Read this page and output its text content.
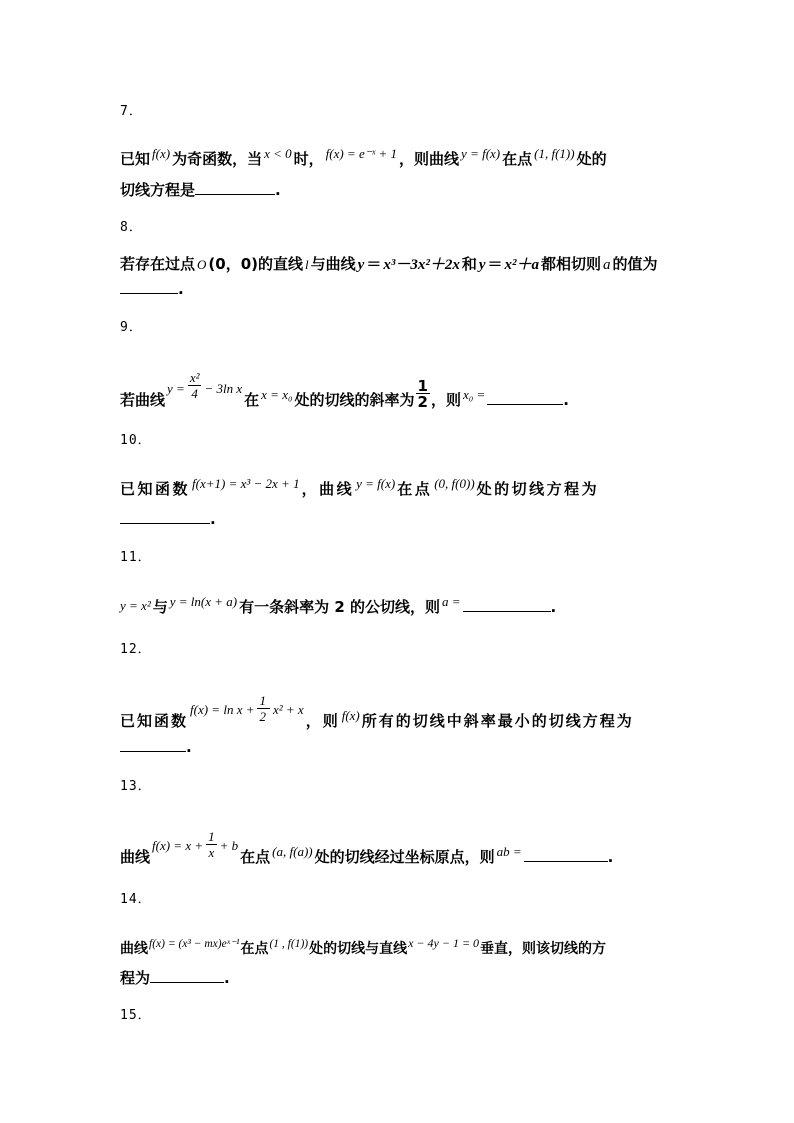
7．
已知 f(x) 为奇函数，当 x < 0 时， f(x) = e⁻ˣ + 1 ，则曲线 y = f(x) 在点 (1, f(1)) 处的
切线方程是	.
8．
若存在过点 O (0，0)的直线 l 与曲线 y ＝ x³－3x²＋2x 和 y ＝ x²＋a 都相切则 a 的值为
.
9．
若曲线$y = \frac{\text{x²}}{4} - 3\ln$ x在 x = x₀ 处的切线的斜率为 $\frac{1}{2}$ ，则 x₀ =	.
10．
已知函数 f(x+1) = x³ − 2x + 1 ，曲线 y = f(x) 在点 (0, f(0)) 处的切线方程为
.
11．
y = x² 与 y = ln(x + a) 有一条斜率为 2 的公切线，则 a =	.
12．
已知函数$f(x) = \ln x + \frac{1}{2} x^2 + x$，则 f(x) 所有的切线中斜率最小的切线方程为
.
13．
曲线$f(x) = x + \frac{1}{x} + b$在点 (a, f(a)) 处的切线经过坐标原点，则 ab =	.
14．
曲线$^{f(x) = (x^3 - mx)eˣ^{-1}}$在点$^{(1 , f(1))}$处的切线与直线x − 4y − 1 = 0垂直，则该切线的方
程为	.
15．
